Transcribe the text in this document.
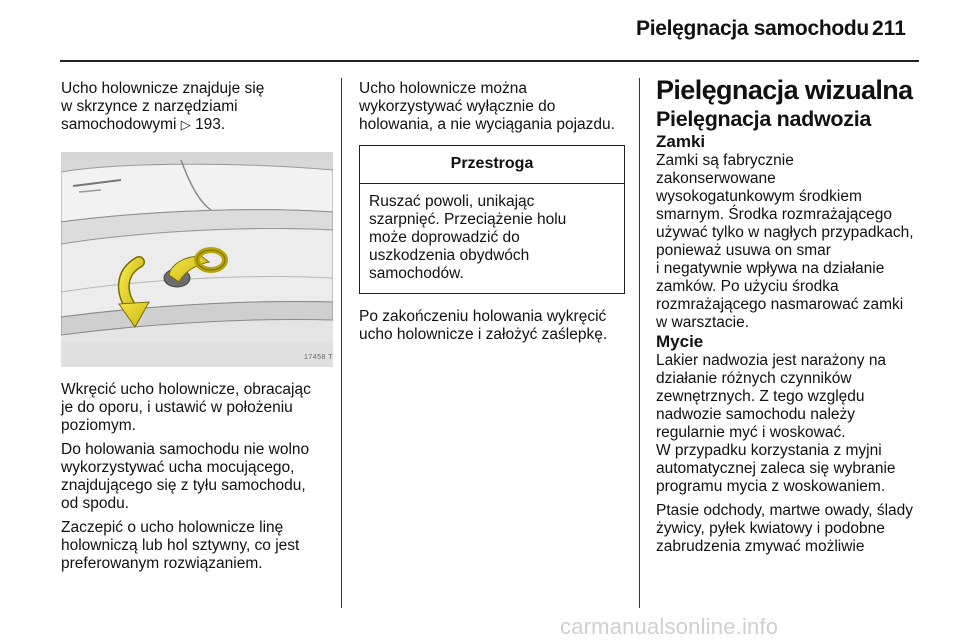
Pielęgnacja samochodu 211

Ucho holownicze znajduje się
w skrzynce z narzędziami
samochodowymi ▷ 193.

17458 T

Wkręcić ucho holownicze, obracając
je do oporu, i ustawić w położeniu
poziomym.

Do holowania samochodu nie wolno
wykorzystywać ucha mocującego,
znajdującego się z tyłu samochodu,
od spodu.

Zaczepić o ucho holownicze linę
holowniczą lub hol sztywny, co jest
preferowanym rozwiązaniem.

Ucho holownicze można
wykorzystywać wyłącznie do
holowania, a nie wyciągania pojazdu.

Przestroga

Ruszać powoli, unikając
szarpnięć. Przeciążenie holu
może doprowadzić do
uszkodzenia obydwóch
samochodów.

Po zakończeniu holowania wykręcić
ucho holownicze i założyć zaślepkę.

Pielęgnacja wizualna

Pielęgnacja nadwozia

Zamki

Zamki są fabrycznie
zakonserwowane
wysokogatunkowym środkiem
smarnym. Środka rozmrażającego
używać tylko w nagłych przypadkach,
ponieważ usuwa on smar
i negatywnie wpływa na działanie
zamków. Po użyciu środka
rozmrażającego nasmarować zamki
w warsztacie.

Mycie

Lakier nadwozia jest narażony na
działanie różnych czynników
zewnętrznych. Z tego względu
nadwozie samochodu należy
regularnie myć i woskować.
W przypadku korzystania z myjni
automatycznej zaleca się wybranie
programu mycia z woskowaniem.

Ptasie odchody, martwe owady, ślady
żywicy, pyłek kwiatowy i podobne
zabrudzenia zmywać możliwie

carmanualsonline.info
